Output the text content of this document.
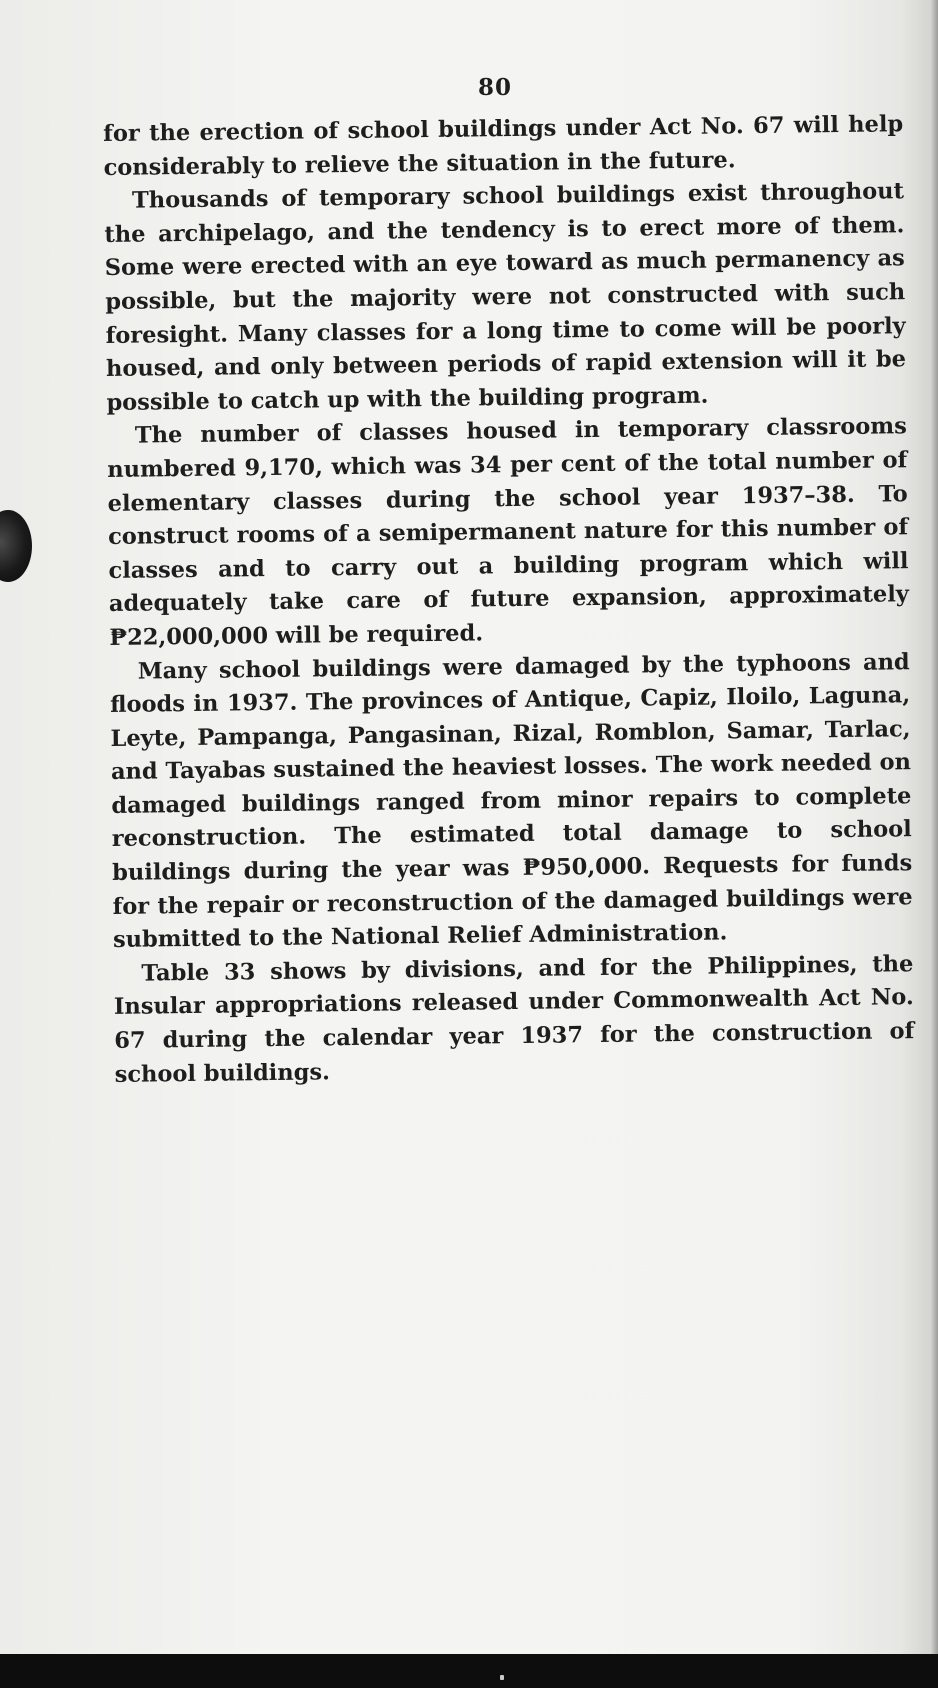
80

for the erection of school buildings under Act No. 67 will help considerably to relieve the situation in the future.

Thousands of temporary school buildings exist throughout the archipelago, and the tendency is to erect more of them. Some were erected with an eye toward as much permanency as possible, but the majority were not constructed with such foresight. Many classes for a long time to come will be poorly housed, and only between periods of rapid extension will it be possible to catch up with the building program.

The number of classes housed in temporary classrooms numbered 9,170, which was 34 per cent of the total number of elementary classes during the school year 1937–38. To construct rooms of a semipermanent nature for this number of classes and to carry out a building program which will adequately take care of future expansion, approximately ₱22,000,000 will be required.

Many school buildings were damaged by the typhoons and floods in 1937. The provinces of Antique, Capiz, Iloilo, Laguna, Leyte, Pampanga, Pangasinan, Rizal, Romblon, Samar, Tarlac, and Tayabas sustained the heaviest losses. The work needed on damaged buildings ranged from minor repairs to complete reconstruction. The estimated total damage to school buildings during the year was ₱950,000. Requests for funds for the repair or reconstruction of the damaged buildings were submitted to the National Relief Administration.

Table 33 shows by divisions, and for the Philippines, the Insular appropriations released under Commonwealth Act No. 67 during the calendar year 1937 for the construction of school buildings.
